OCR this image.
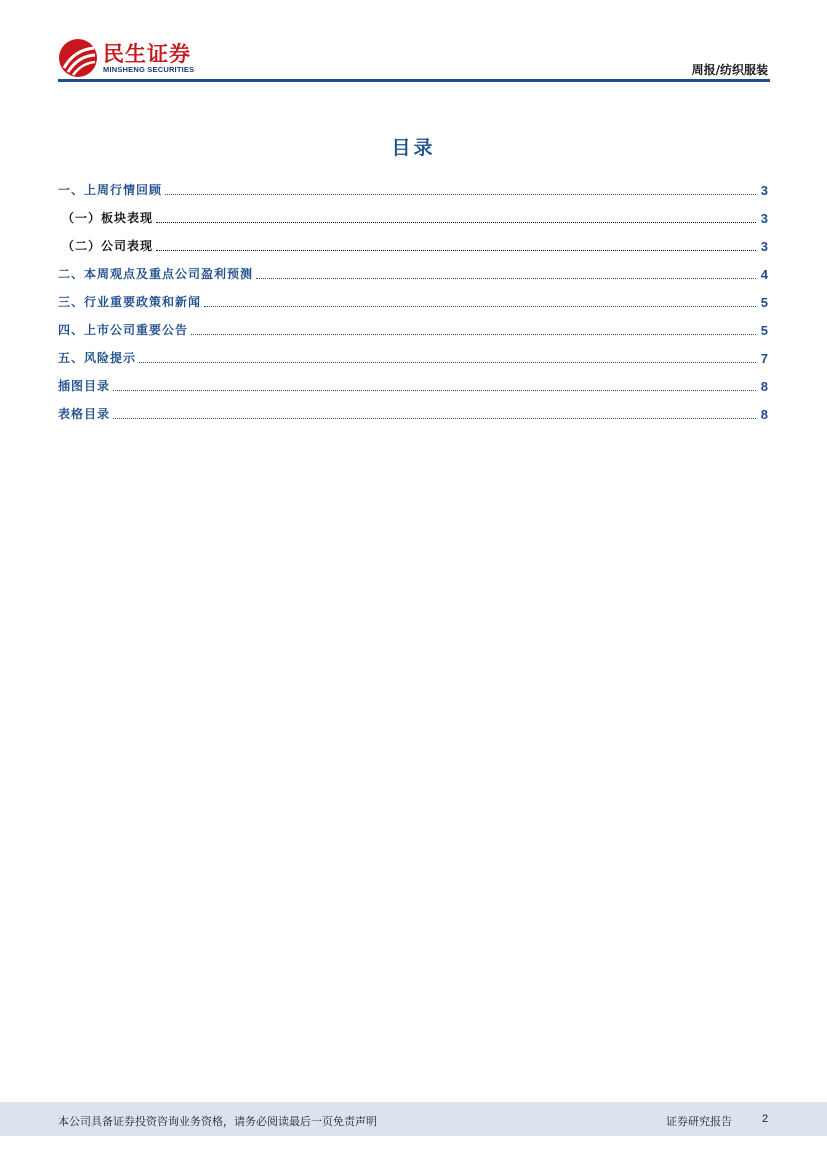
民生证券
MINSHENG SECURITIES	周报/纺织服装
目录
一、上周行情回顾	3
（一）板块表现	3
（二）公司表现	3
二、本周观点及重点公司盈利预测	4
三、行业重要政策和新闻	5
四、上市公司重要公告	5
五、风险提示	7
插图目录	8
表格目录	8
本公司具备证券投资咨询业务资格，请务必阅读最后一页免责声明	证券研究报告	2
